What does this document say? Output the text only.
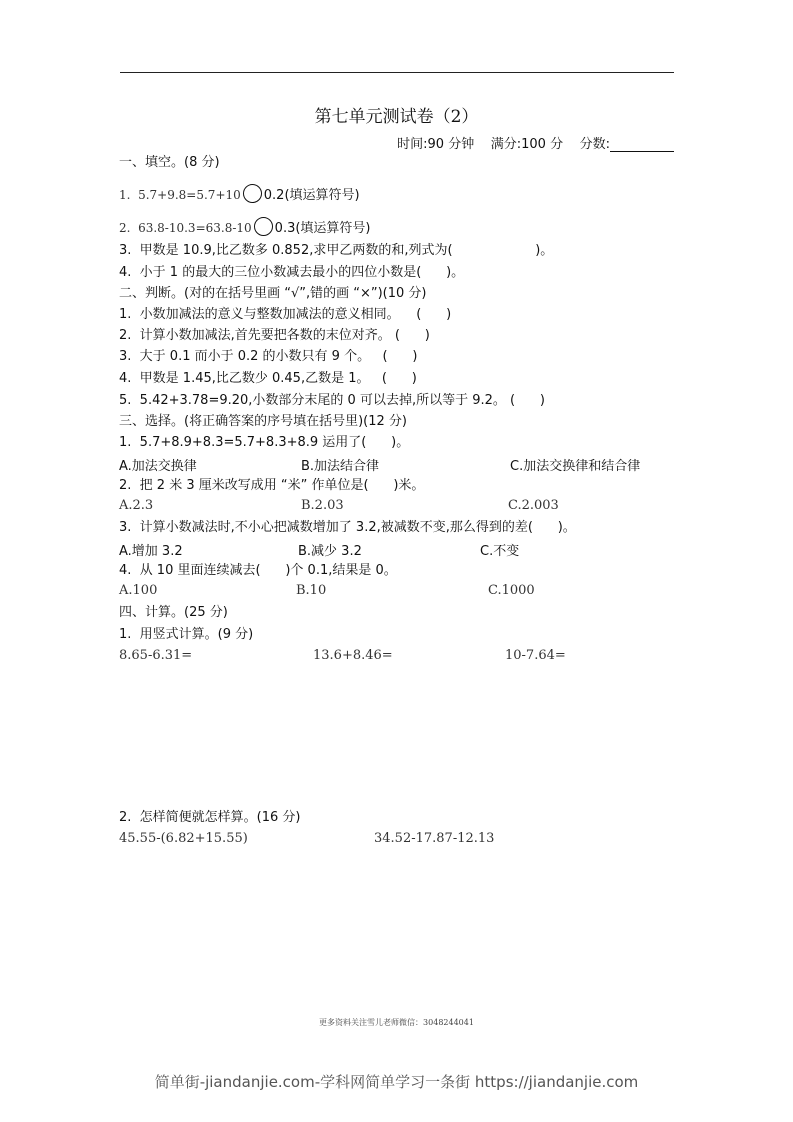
第七单元测试卷（2）
时间:90 分钟 满分:100 分 分数:
一、填空。(8 分)
1.  5.7+9.8=5.7+10 0.2(填运算符号)
2.  63.8-10.3=63.8-10 0.3(填运算符号)
3.  甲数是 10.9,比乙数多 0.852,求甲乙两数的和,列式为(                    )。
4.  小于 1 的最大的三位小数减去最小的四位小数是(      )。
二、判断。(对的在括号里画 “√”,错的画 “×”)(10 分)
1.  小数加减法的意义与整数加减法的意义相同。    (      )
2.  计算小数加减法,首先要把各数的末位对齐。 (      )
3.  大于 0.1 而小于 0.2 的小数只有 9 个。   (      )
4.  甲数是 1.45,比乙数少 0.45,乙数是 1。   (      )
5.  5.42+3.78=9.20,小数部分末尾的 0 可以去掉,所以等于 9.2。 (      )
三、选择。(将正确答案的序号填在括号里)(12 分)
1.  5.7+8.9+8.3=5.7+8.3+8.9 运用了(      )。
A.加法交换律	B.加法结合律	C.加法交换律和结合律
2.  把 2 米 3 厘米改写成用 “米” 作单位是(      )米。
A.2.3	B.2.03	C.2.003
3.  计算小数减法时,不小心把减数增加了 3.2,被减数不变,那么得到的差(      )。
A.增加 3.2	B.减少 3.2	C.不变
4.  从 10 里面连续减去(      )个 0.1,结果是 0。
A.100	B.10	C.1000
四、计算。(25 分)
1.  用竖式计算。(9 分)
8.65-6.31=	13.6+8.46=	10-7.64=
2.  怎样简便就怎样算。(16 分)
45.55-(6.82+15.55)	34.52-17.87-12.13
更多资料关注雪儿老师微信：3048244041
简单街-jiandanjie.com-学科网简单学习一条街 https://jiandanjie.com
